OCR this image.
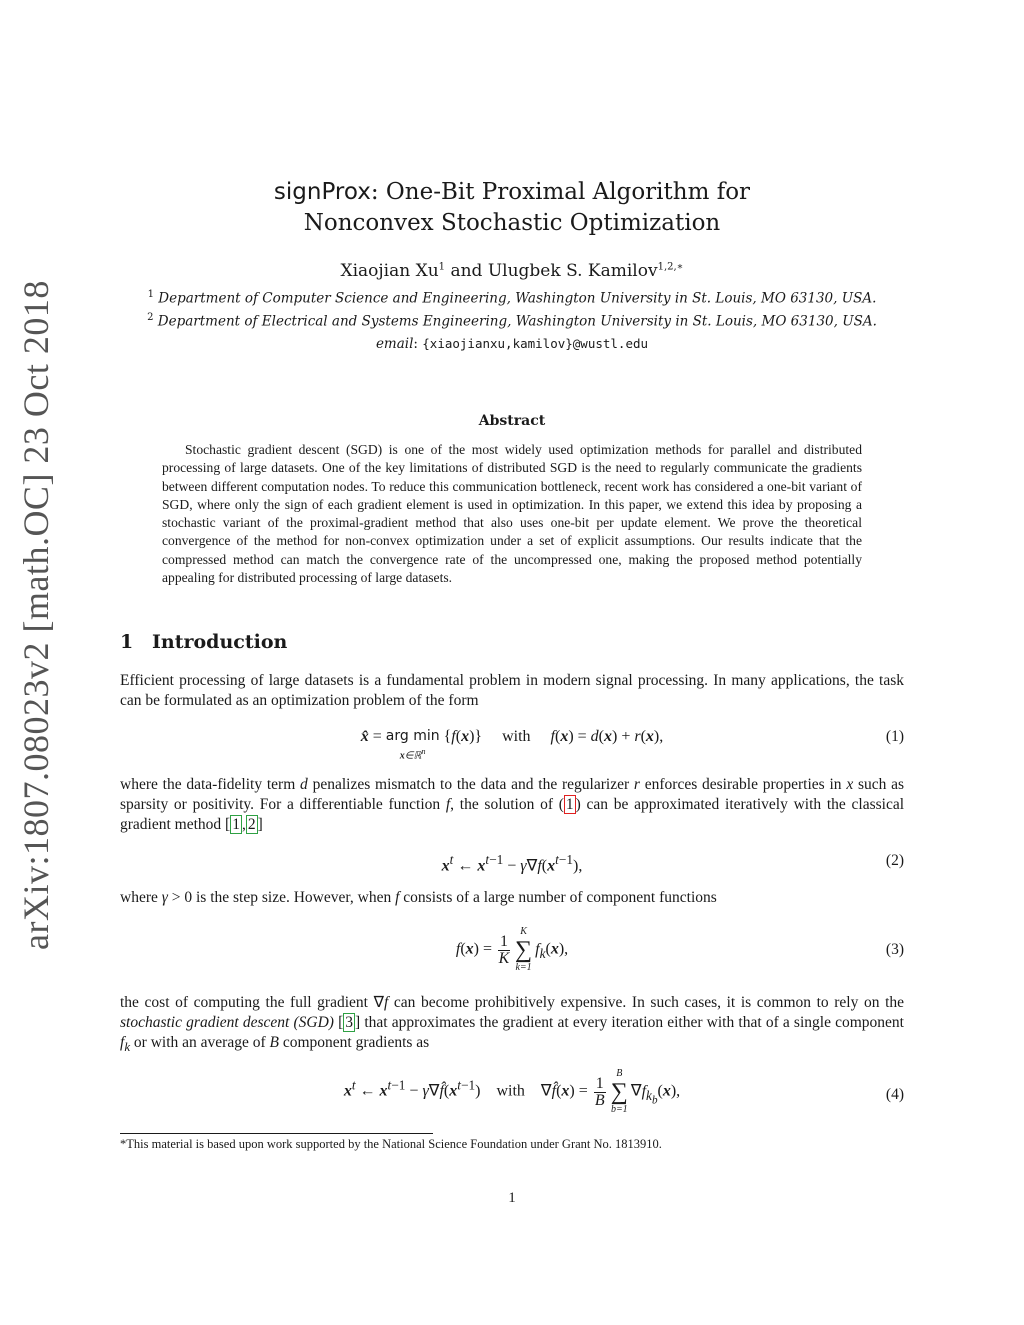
arXiv:1807.08023v2 [math.OC] 23 Oct 2018
signProx: One-Bit Proximal Algorithm for
Nonconvex Stochastic Optimization
Xiaojian Xu$^1$ and Ulugbek S. Kamilov$^{1,2,∗}$
$^1$ Department of Computer Science and Engineering, Washington University in St. Louis, MO 63130, USA.
$^2$ Department of Electrical and Systems Engineering, Washington University in St. Louis, MO 63130, USA.
email: {xiaojianxu,kamilov}@wustl.edu
Abstract

Stochastic gradient descent (SGD) is one of the most widely used optimization methods for parallel and distributed processing of large datasets. One of the key limitations of distributed SGD is the need to regularly communicate the gradients between different computation nodes. To reduce this communication bottleneck, recent work has considered a one-bit variant of SGD, where only the sign of each gradient element is used in optimization. In this paper, we extend this idea by proposing a stochastic variant of the proximal-gradient method that also uses one-bit per update element. We prove the theoretical convergence of the method for non-convex optimization under a set of explicit assumptions. Our results indicate that the compressed method can match the convergence rate of the uncompressed one, making the proposed method potentially appealing for distributed processing of large datasets.

1 Introduction

Efficient processing of large datasets is a fundamental problem in modern signal processing. In many applications, the task can be formulated as an optimization problem of the form

x̂ = arg min
x∈ℝ$^n$
{f(x)}     with     f(x) = d(x) + r(x),	(1)

where the data-fidelity term d penalizes mismatch to the data and the regularizer r enforces desirable properties in x such as sparsity or positivity. For a differentiable function f, the solution of ( 1 ) can be approximated iteratively with the classical gradient method [ 1 , 2 ]

$x^t$ ← $x^{t-1} - \gamma\nabla f(x^{t-1})$,	(2)

where γ > 0 is the step size. However, when f consists of a large number of component functions

$f(x) = \frac{1}{K}$
K
∑
k=1
$f_k(x)$,	(3)

the cost of computing the full gradient ∇f can become prohibitively expensive. In such cases, it is common to rely on the stochastic gradient descent (SGD) [ 3 ] that approximates the gradient at every iteration either with that of a single component $f_k$ or with an average of B component gradients as

$x^t$ ← $x^{t-1}$ − $\gamma\nabla f̂(x^{t-1})$    with    ∇f̂(x) = $\frac{1}{B}$
B
∑
b=1
$\nabla f_{k_b}(x)$,	(4)
*This material is based upon work supported by the National Science Foundation under Grant No. 1813910.
1
